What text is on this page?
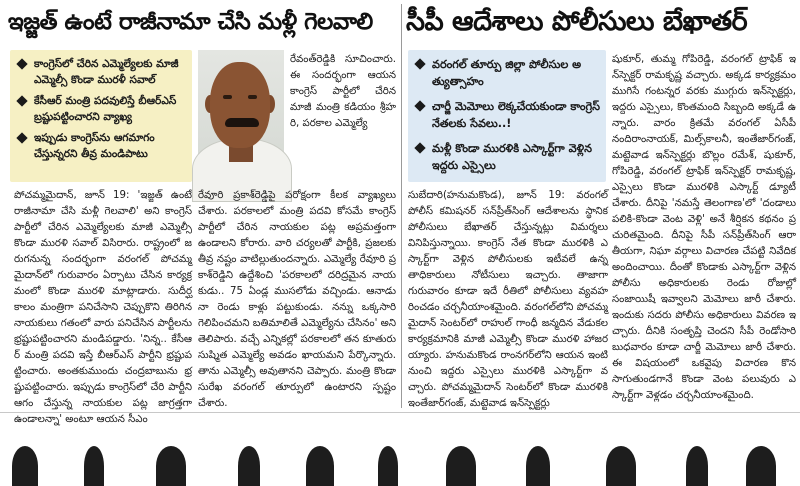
ఇజ్జత్ ఉంటే రాజీనామా చేసి మళ్లీ గెలవాలి
కాంగ్రెస్‌లో చేరిన ఎమ్మెల్యేలకు మాజీ ఎమ్మెల్సీ కొండా మురళీ సవాల్
కేసీఆర్ మంత్రి పదవులిస్తే బీఆర్ఎస్ బ్రష్టుపట్టించారని వ్యాఖ్య
ఇప్పుడు కాంగ్రెస్‌ను ఆగమాగం చేస్తున్నరని తీవ్ర మండిపాటు
రేవంత్‌రెడ్డికి సూచించారు. ఈ సందర్భంగా ఆయన కాంగ్రెస్ పార్టీలో చేరిన మాజీ మంత్రి కడియం శ్రీహరి, పరకాల ఎమ్మెల్యే
పోచమ్మమైదాన్, జూన్ 19: 'ఇజ్జత్ ఉంటే రాజీనామా చేసి మళ్లీ గెలవాలి' అని కాంగ్రెస్ పార్టీలో చేరిన ఎమ్మెల్యేలకు మాజీ ఎమ్మెల్సీ కొండా మురళి సవాల్ విసిరారు. రాష్ట్రంలో జరుగనున్న సందర్భంగా వరంగల్ పోచమ్మమైదాన్‌లో గురువారం ఏర్పాటు చేసిన కార్యక్రమంలో కొండా మురళి మాట్లాడారు. సుదీర్ఘకాలం మంత్రిగా పనిచేసాని చెప్పుకొని తిరిగిన నాయకులు గతంలో వారు పనిచేసిన పార్టీలను భ్రష్టుపట్టించారని మండిపడ్డారు. 'నిన్న.. కేసీఆర్ మంత్రి పదవి ఇస్తే బీఆర్ఎస్ పార్టీని భ్రష్టుపట్టించారు. అంతకుముందు చంద్రబాబును భ్రష్టుపట్టించారు. ఇప్పుడు కాంగ్రెస్‌లో చేరి పార్టీని ఆగం చేస్తున్న నాయకుల పట్ల జాగ్రత్తగా ఉండాలన్నా' అంటూ ఆయన సీఎం
రేవూరి ప్రకాశ్‌రెడ్డిపై పరోక్షంగా కీలక వ్యాఖ్యలు చేశారు. పరకాలలో మంత్రి పదవి కోసమే కాంగ్రెస్ పార్టీలో చేరిన నాయకుల పట్ల అప్రమత్తంగా ఉండాలని కోరారు. వారి చర్యలతో పార్టీకి, ప్రజలకు తీవ్ర నష్టం వాటిల్లుతుందన్నారు. ఎమ్మెల్యే రేవూరి ప్రకాశ్‌రెడ్డిని ఉద్దేశించి 'పరకాలలో దరిద్రమైన నాయకుడు.. 75 ఏండ్ల ముసలోడు వచ్చిండు. ఆనాడు నా రెండు కాళ్లు పట్టుకుండు. నన్ను ఒక్కసారి గెలిపించమని బతిమాలితే ఎమ్మెల్యేను చేసినం' అని తెలిపారు. వచ్చే ఎన్నికల్లో పరకాలలో తన కూతురు సుష్మిత ఎమ్మెల్యే అవడం ఖాయమని పేర్కొన్నారు. తాను ఎమ్మెల్సీ అవుతానని చెప్పారు. మంత్రి కొండా సురేఖ వరంగల్ తూర్పులో ఉంటారని స్పష్టం చేశారు.
సీపీ ఆదేశాలు పోలీసులు బేఖాతర్
వరంగల్ తూర్పు జిల్లా పోలీసుల అత్యుత్సాహం
చార్జీ మెమోలు లెక్కచేయకుండా కాంగ్రెస్ నేతలకు సేవలు..!
మళ్లీ కొండా మురళికి ఎస్కార్ట్‌గా వెళ్లిన ఇద్దరు ఎస్సైలు
సుబేదారి(హనుమకొండ), జూన్ 19: వరంగల్ పోలీస్ కమిషనర్ సన్‌ప్రీత్‌సింగ్ ఆదేశాలను స్థానిక పోలీసులు బేఖాతర్ చేస్తున్నట్లు విమర్శలు వినిపిస్తున్నాయి. కాంగ్రెస్ నేత కొండా మురళికి ఎస్కార్ట్‌గా వెళ్లిన పోలీసులకు ఇటీవలే ఉన్నతాధికారులు నోటీసులు ఇచ్చారు. తాజాగా గురువారం కూడా ఇదే రీతిలో పోలీసులు వ్యవహరించడం చర్చనీయాంశమైంది. వరంగల్‌లోని పోచమ్మమైదాన్ సెంటర్‌లో రాహుల్ గాంధీ జన్మదిన వేడుకల కార్యక్రమానికి మాజీ ఎమ్మెల్సీ కొండా మురళి హాజరయ్యారు. హనుమకొండ రాంనగర్‌లోని ఆయన ఇంటి నుంచి ఇద్దరు ఎస్సైలు మురళికి ఎస్కార్ట్‌గా వచ్చారు. పోచమ్మమైదాన్ సెంటర్‌లో కొండా మురళికి ఇంతేజార్‌గంజ్, మట్టెవాడ ఇన్‌స్పెక్టర్లు
షుకూర్, తుమ్మ గోపిరెడ్డి, వరంగల్ ట్రాఫిక్ ఇన్‌స్పెక్టర్ రామకృష్ణ వచ్చారు. అక్కడ కార్యక్రమం ముగిసే గంటన్నర వరకు ముగ్గురు ఇన్‌స్పెక్టర్లు, ఇద్దరు ఎస్సైలు, కొంతమంది సిబ్బంది అక్కడే ఉన్నారు. వారం క్రితమే వరంగల్ ఏసీపీ నందిరాంనాయక్, మిల్స్‌కాలనీ, ఇంతేజార్‌గంజ్, మట్టెవాడ ఇన్‌స్పెక్టర్లు బొల్లం రమేశ్, షుకూర్, గోపిరెడ్డి, వరంగల్ ట్రాఫిక్ ఇన్‌స్పెక్టర్ రామకృష్ణ, ఎస్సైలు కొండా మురళికి ఎస్కార్ట్ డ్యూటీ చేశారు. దీనిపై 'నమస్తే తెలంగాణ'లో 'దండాలు పలికి-కొండా వెంట వెళ్లి' అనే శీర్షికన కథనం ప్రచురితమైంది. దీనిపై సీపీ సన్‌ప్రీత్‌సింగ్ ఆరా తీయగా, నిఘా వర్గాలు విచారణ చేపట్టి నివేదిక అందించాయి. దీంతో కొండాకు ఎస్కార్ట్‌గా వెళ్లిన పోలీసు అధికారులకు రెండు రోజుల్లో సంజాయిషీ ఇవ్వాలని మెమోలు జారీ చేశారు. ఇందుకు సదరు పోలీసు అధికారులు వివరణ ఇచ్చారు. దీనికి సంతృప్తి చెందని సీపీ రెండోసారి బుధవారం కూడా చార్జీ మెమోలు జారీ చేశారు. ఈ విషయంలో ఒకవైపు విచారణ కొనసాగుతుండగానే కొండా వెంట పలువురు ఎస్కార్ట్‌గా వెళ్లడం చర్చనీయాంశమైంది.
